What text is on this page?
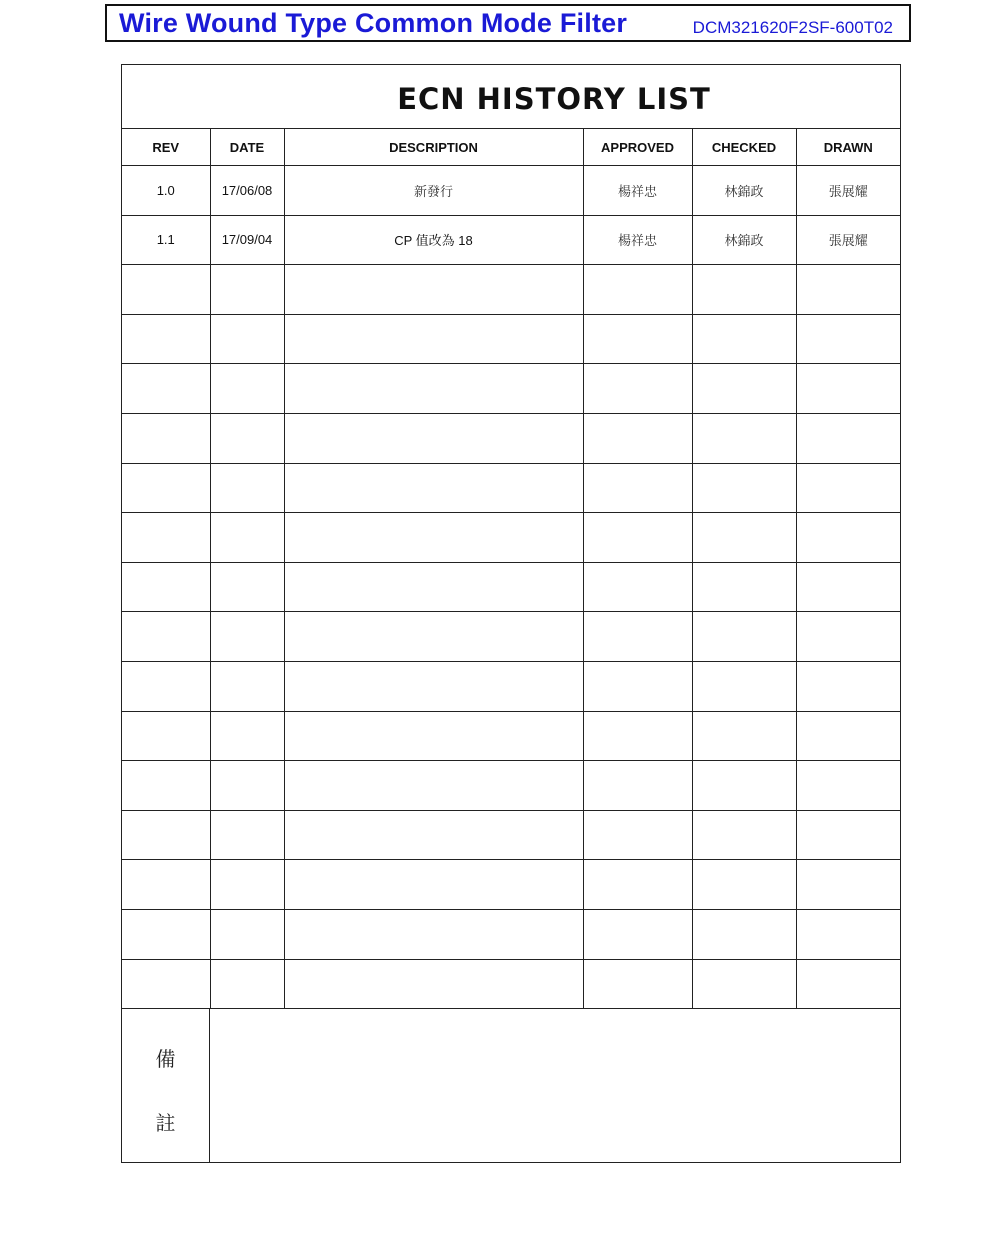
Wire Wound Type Common Mode Filter	DCM321620F2SF-600T02
ECN HISTORY LIST
REV	DATE	DESCRIPTION	APPROVED	CHECKED	DRAWN
1.0	17/06/08	新發行	楊祥忠	林錦政	張展耀
1.1	17/09/04	CP 值改為 18	楊祥忠	林錦政	張展耀

備
註
